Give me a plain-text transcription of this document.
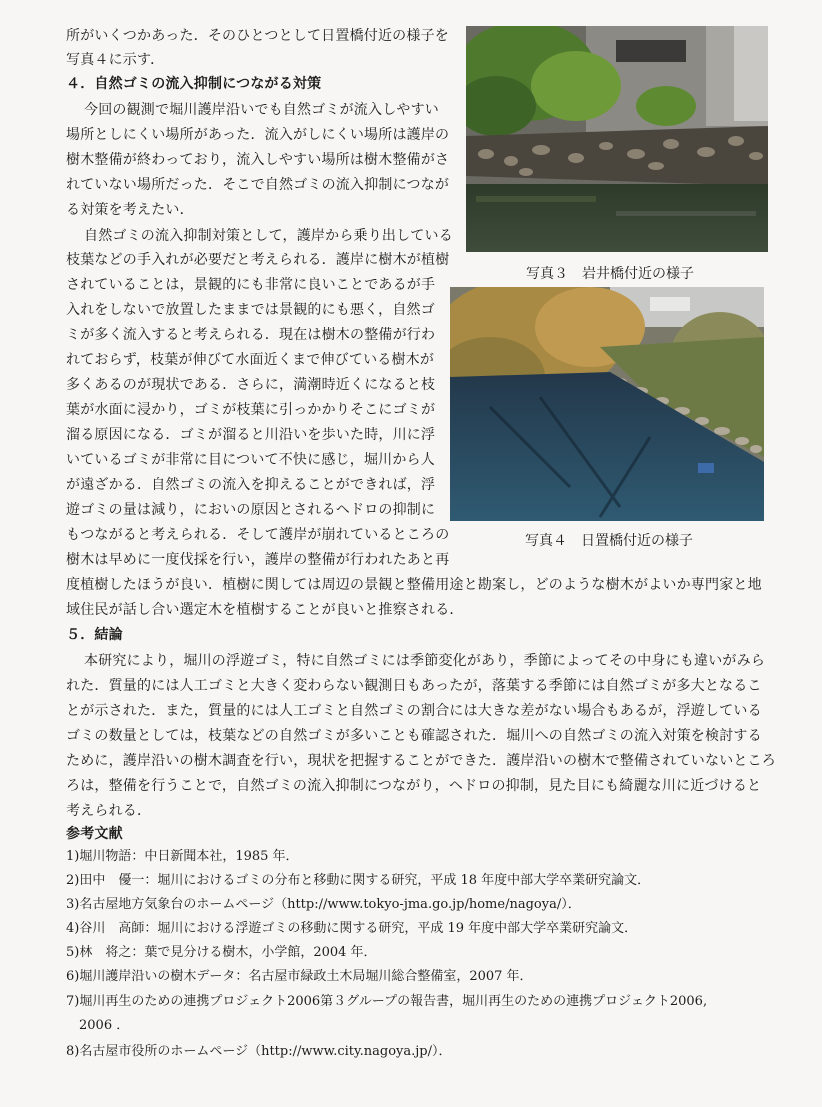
所がいくつかあった．そのひとつとして日置橋付近の様子を
写真４に示す．
４．自然ゴミの流入抑制につながる対策
今回の観測で堀川護岸沿いでも自然ゴミが流入しやすい
場所としにくい場所があった．流入がしにくい場所は護岸の
樹木整備が終わっており，流入しやすい場所は樹木整備がさ
れていない場所だった．そこで自然ゴミの流入抑制につなが
る対策を考えたい．
自然ゴミの流入抑制対策として，護岸から乗り出している
枝葉などの手入れが必要だと考えられる．護岸に樹木が植樹
されていることは，景観的にも非常に良いことであるが手
入れをしないで放置したままでは景観的にも悪く，自然ゴ
ミが多く流入すると考えられる．現在は樹木の整備が行わ
れておらず，枝葉が伸びて水面近くまで伸びている樹木が
多くあるのが現状である．さらに，満潮時近くになると枝
葉が水面に浸かり，ゴミが枝葉に引っかかりそこにゴミが
溜る原因になる．ゴミが溜ると川沿いを歩いた時，川に浮
いているゴミが非常に目について不快に感じ，堀川から人
が遠ざかる．自然ゴミの流入を抑えることができれば，浮
遊ゴミの量は減り，においの原因とされるヘドロの抑制に
もつながると考えられる．そして護岸が崩れているところの
樹木は早めに一度伐採を行い，護岸の整備が行われたあと再
度植樹したほうが良い．植樹に関しては周辺の景観と整備用途と勘案し，どのような樹木がよいか専門家と地
域住民が話し合い選定木を植樹することが良いと推察される．
５．結論
本研究により，堀川の浮遊ゴミ，特に自然ゴミには季節変化があり，季節によってその中身にも違いがみら
れた．質量的には人工ゴミと大きく変わらない観測日もあったが，落葉する季節には自然ゴミが多大となるこ
とが示された．また，質量的には人工ゴミと自然ゴミの割合には大きな差がない場合もあるが，浮遊している
ゴミの数量としては，枝葉などの自然ゴミが多いことも確認された．堀川への自然ゴミの流入対策を検討する
ために，護岸沿いの樹木調査を行い，現状を把握することができた．護岸沿いの樹木で整備されていないところ
ろは，整備を行うことで，自然ゴミの流入抑制につながり，ヘドロの抑制，見た目にも綺麗な川に近づけると
考えられる．
参考文献
1)堀川物語：中日新聞本社，1985 年．
2)田中　優一：堀川におけるゴミの分布と移動に関する研究，平成 18 年度中部大学卒業研究論文．
3)名古屋地方気象台のホームページ（http://www.tokyo-jma.go.jp/home/nagoya/）．
4)谷川　高師：堀川における浮遊ゴミの移動に関する研究，平成 19 年度中部大学卒業研究論文．
5)林　将之：葉で見分ける樹木，小学館，2004 年．
6)堀川護岸沿いの樹木データ：名古屋市緑政土木局堀川総合整備室，2007 年．
7)堀川再生のための連携プロジェクト2006第３グループの報告書，堀川再生のための連携プロジェクト2006,
　2006 ．
8)名古屋市役所のホームページ（http://www.city.nagoya.jp/）．
写真３　岩井橋付近の様子
写真４　日置橋付近の様子
